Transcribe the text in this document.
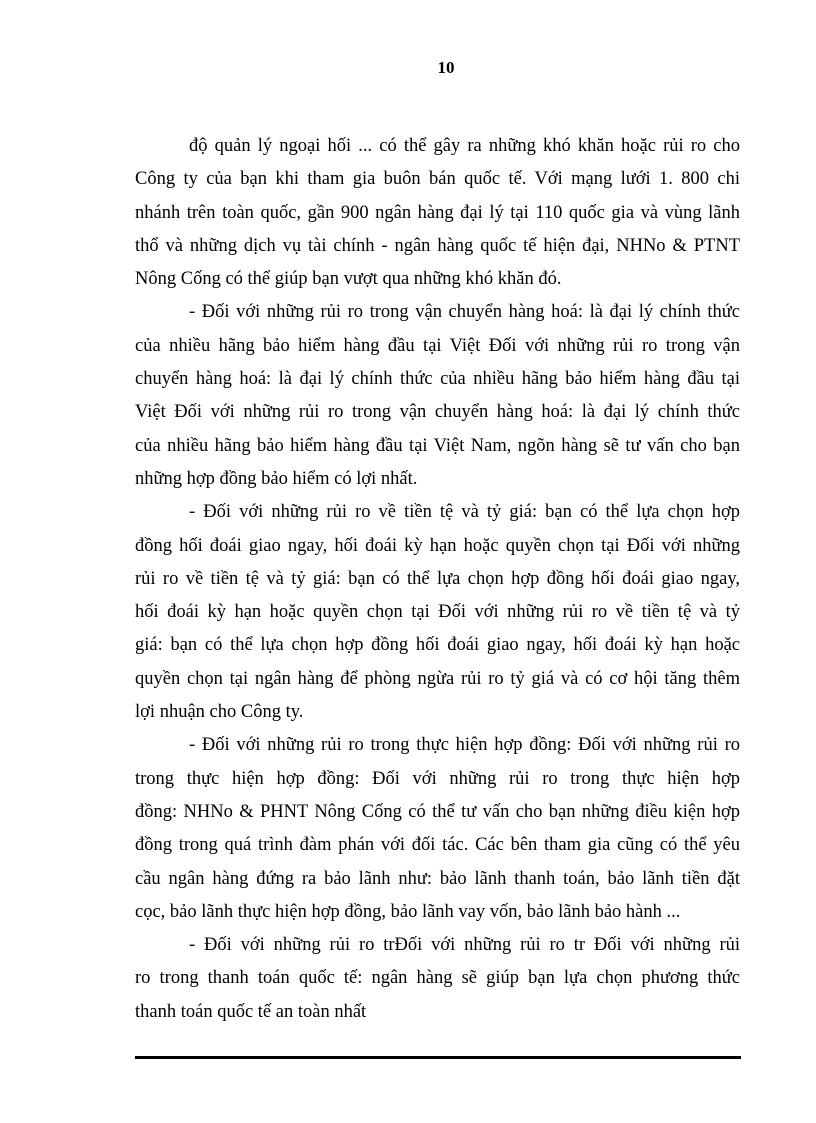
10
độ quản lý ngoại hối ... có thể gây ra những khó khăn hoặc rủi ro cho
Công ty của bạn khi tham gia buôn bán quốc tế. Với mạng lưới 1. 800 chi
nhánh trên toàn quốc, gần 900 ngân hàng đại lý tại 110 quốc gia và vùng lãnh
thổ và những dịch vụ tài chính - ngân hàng quốc tế hiện đại, NHNo & PTNT
Nông Cống có thể giúp bạn vượt qua những khó khăn đó.
- Đối với những rủi ro trong vận chuyển hàng hoá: là đại lý chính thức
của nhiều hãng bảo hiểm hàng đầu tại Việt Đối với những rủi ro trong vận
chuyển hàng hoá: là đại lý chính thức của nhiều hãng bảo hiểm hàng đầu tại
Việt Đối với những rủi ro trong vận chuyển hàng hoá: là đại lý chính thức
của nhiều hãng bảo hiểm hàng đầu tại Việt Nam, ngõn hàng sẽ tư vấn cho bạn
những hợp đồng bảo hiểm có lợi nhất.
- Đối với những rủi ro về tiền tệ và tỷ giá: bạn có thể lựa chọn hợp
đồng hối đoái giao ngay, hối đoái kỳ hạn hoặc quyền chọn tại Đối với những
rủi ro về tiền tệ và tỷ giá: bạn có thể lựa chọn hợp đồng hối đoái giao ngay,
hối đoái kỳ hạn hoặc quyền chọn tại Đối với những rủi ro về tiền tệ và tỷ
giá: bạn có thể lựa chọn hợp đồng hối đoái giao ngay, hối đoái kỳ hạn hoặc
quyền chọn tại ngân hàng để phòng ngừa rủi ro tỷ giá và có cơ hội tăng thêm
lợi nhuận cho Công ty.
- Đối với những rủi ro trong thực hiện hợp đồng: Đối với những rủi ro
trong thực hiện hợp đồng: Đối với những rủi ro trong thực hiện hợp
đồng: NHNo & PHNT Nông Cống có thể tư vấn cho bạn những điều kiện hợp
đồng trong quá trình đàm phán với đối tác. Các bên tham gia cũng có thể yêu
cầu ngân hàng đứng ra bảo lãnh như: bảo lãnh thanh toán, bảo lãnh tiền đặt
cọc, bảo lãnh thực hiện hợp đồng, bảo lãnh vay vốn, bảo lãnh bảo hành ...
- Đối với những rủi ro trĐối với những rủi ro tr Đối với những rủi
ro trong thanh toán quốc tế: ngân hàng sẽ giúp bạn lựa chọn phương thức
thanh toán quốc tế an toàn nhất
